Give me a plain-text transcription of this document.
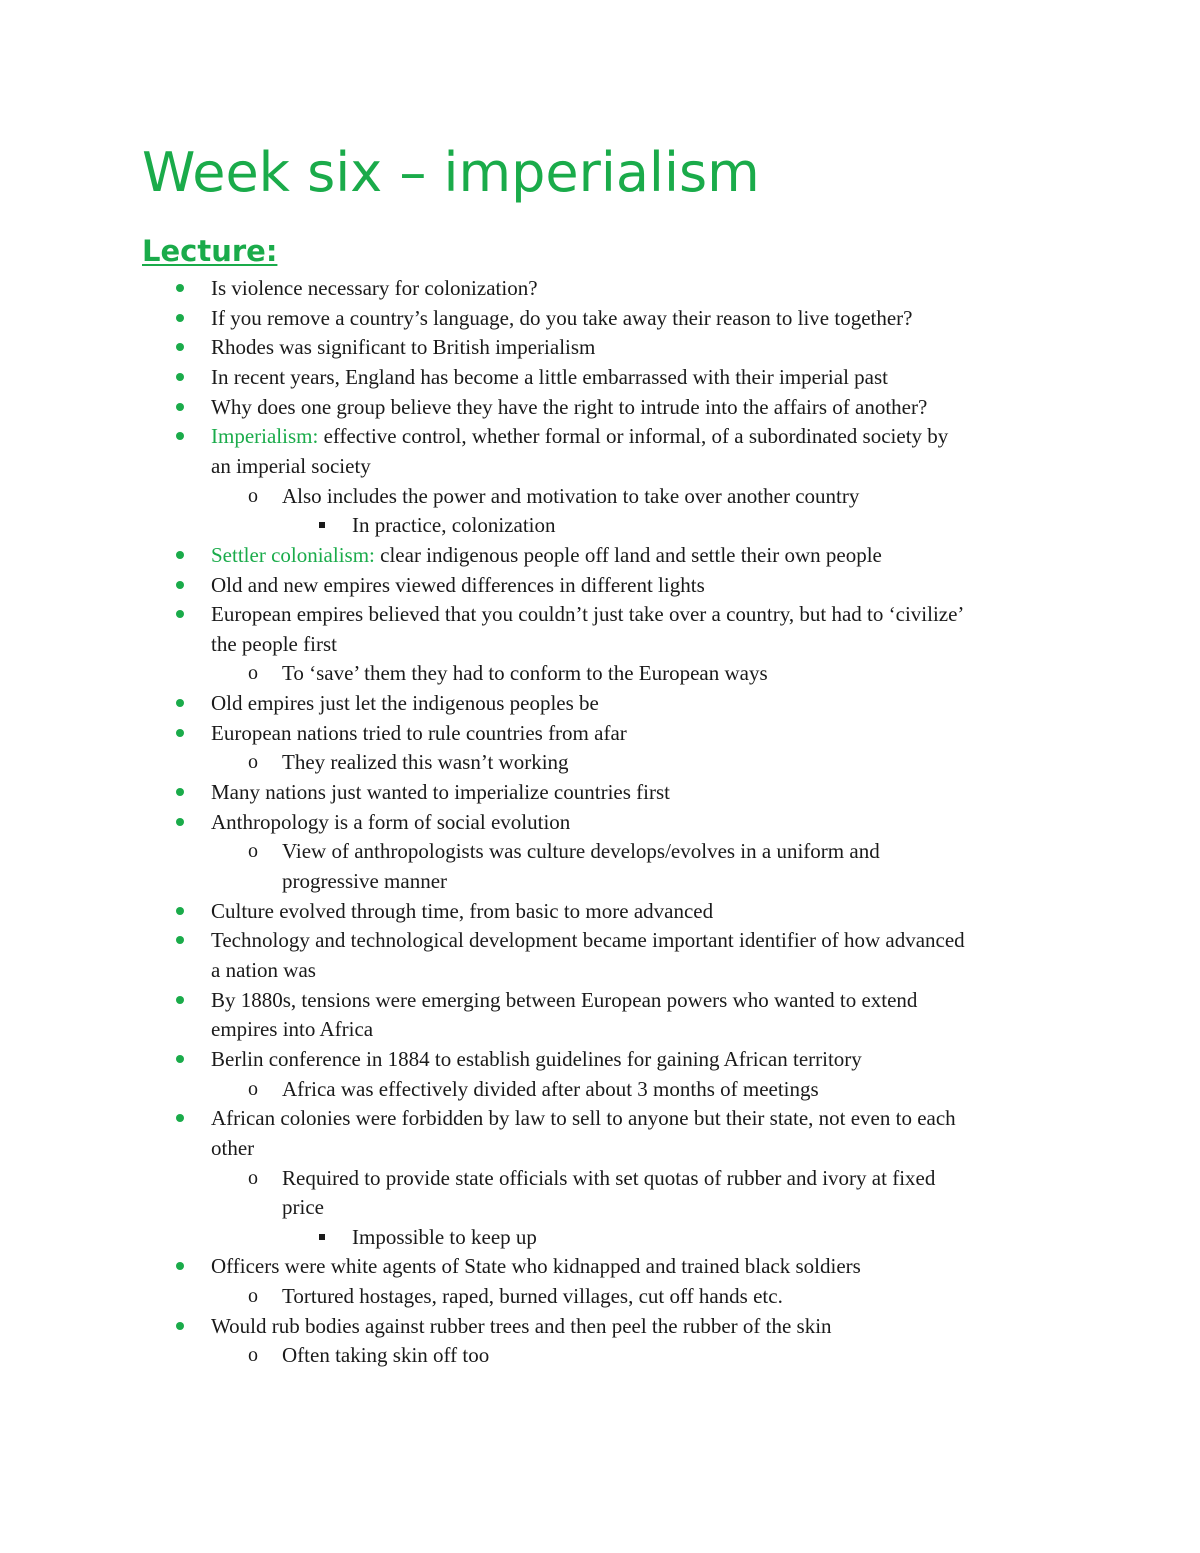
Week six – imperialism
Lecture:
Is violence necessary for colonization?
If you remove a country’s language, do you take away their reason to live together?
Rhodes was significant to British imperialism
In recent years, England has become a little embarrassed with their imperial past
Why does one group believe they have the right to intrude into the affairs of another?
Imperialism: effective control, whether formal or informal, of a subordinated society by
an imperial society
o Also includes the power and motivation to take over another country
In practice, colonization
Settler colonialism: clear indigenous people off land and settle their own people
Old and new empires viewed differences in different lights
European empires believed that you couldn’t just take over a country, but had to ‘civilize’
the people first
o To ‘save’ them they had to conform to the European ways
Old empires just let the indigenous peoples be
European nations tried to rule countries from afar
o They realized this wasn’t working
Many nations just wanted to imperialize countries first
Anthropology is a form of social evolution
o View of anthropologists was culture develops/evolves in a uniform and
progressive manner
Culture evolved through time, from basic to more advanced
Technology and technological development became important identifier of how advanced
a nation was
By 1880s, tensions were emerging between European powers who wanted to extend
empires into Africa
Berlin conference in 1884 to establish guidelines for gaining African territory
o Africa was effectively divided after about 3 months of meetings
African colonies were forbidden by law to sell to anyone but their state, not even to each
other
o Required to provide state officials with set quotas of rubber and ivory at fixed
price
Impossible to keep up
Officers were white agents of State who kidnapped and trained black soldiers
o Tortured hostages, raped, burned villages, cut off hands etc.
Would rub bodies against rubber trees and then peel the rubber of the skin
o Often taking skin off too
